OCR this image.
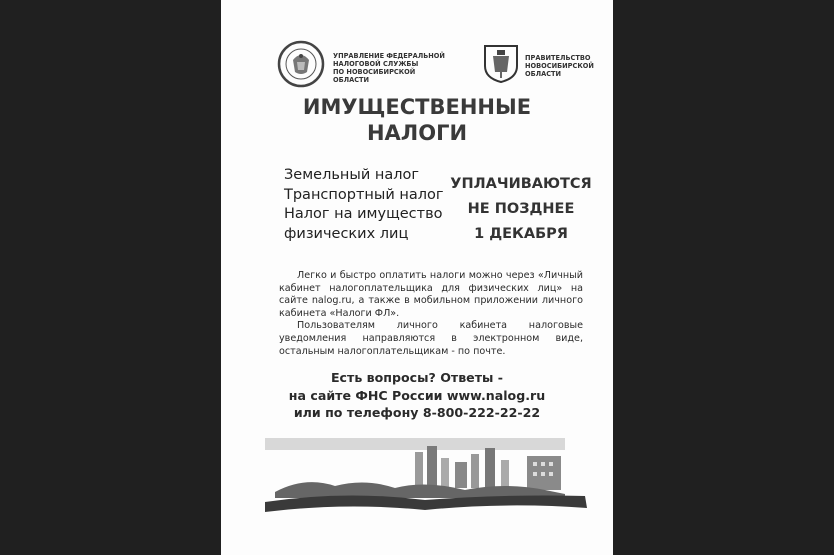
УПРАВЛЕНИЕ ФЕДЕРАЛЬНОЙ
НАЛОГОВОЙ СЛУЖБЫ
ПО НОВОСИБИРСКОЙ ОБЛАСТИ
ПРАВИТЕЛЬСТВО
НОВОСИБИРСКОЙ
ОБЛАСТИ
ИМУЩЕСТВЕННЫЕ
НАЛОГИ
Земельный налог
Транспортный налог
Налог на имущество
физических лиц
УПЛАЧИВАЮТСЯ
НЕ ПОЗДНЕЕ
1 ДЕКАБРЯ

Легко и быстро оплатить налоги можно через «Личный кабинет налогоплательщика для физических лиц» на сайте nalog.ru, а также в мобильном приложении личного кабинета «Налоги ФЛ».

Пользователям личного кабинета налоговые уведомления направляются в электронном виде, остальным налогоплательщикам - по почте.

Есть вопросы? Ответы -
на сайте ФНС России www.nalog.ru
или по телефону 8-800-222-22-22
